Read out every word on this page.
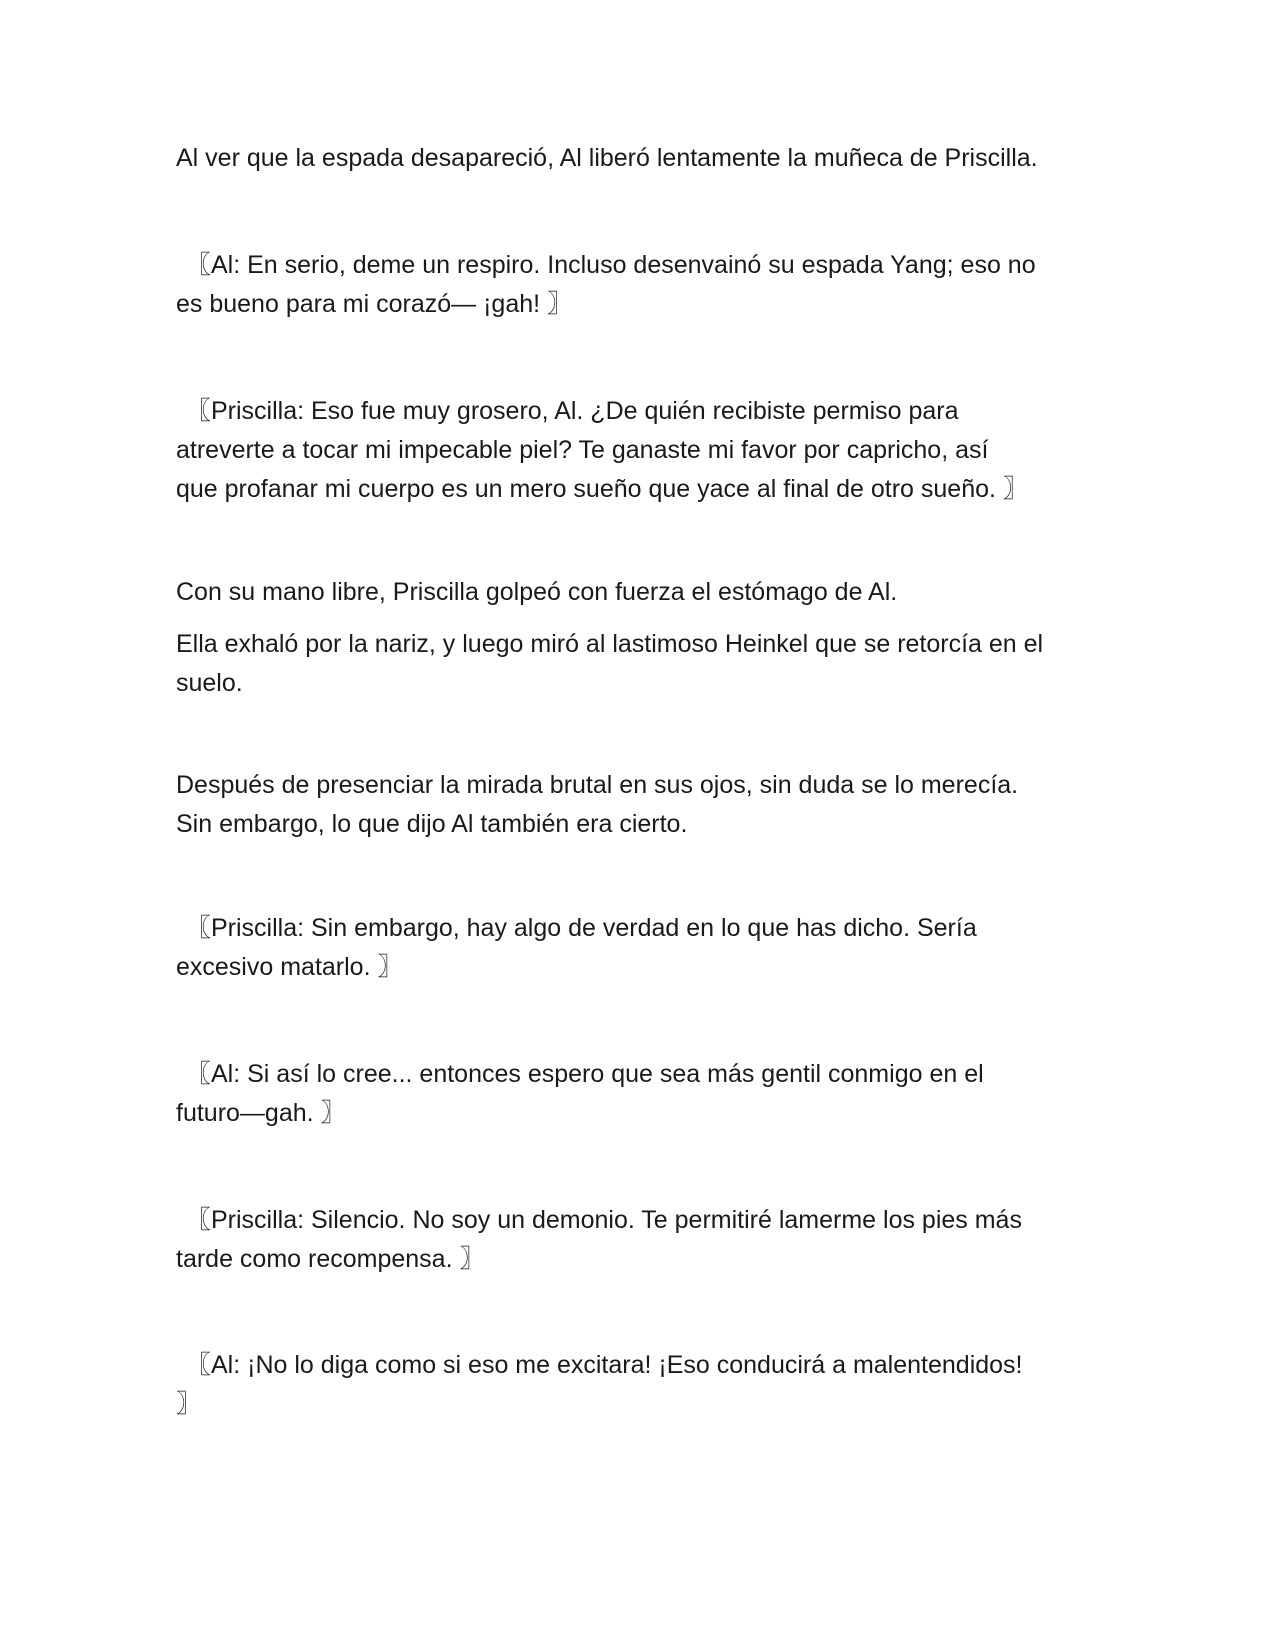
Al ver que la espada desapareció, Al liberó lentamente la muñeca de Priscilla.

〖Al: En serio, deme un respiro. Incluso desenvainó su espada Yang; eso no
es bueno para mi corazó— ¡gah! 〗

〖Priscilla: Eso fue muy grosero, Al. ¿De quién recibiste permiso para
atreverte a tocar mi impecable piel? Te ganaste mi favor por capricho, así
que profanar mi cuerpo es un mero sueño que yace al final de otro sueño. 〗

Con su mano libre, Priscilla golpeó con fuerza el estómago de Al.

Ella exhaló por la nariz, y luego miró al lastimoso Heinkel que se retorcía en el
suelo.

Después de presenciar la mirada brutal en sus ojos, sin duda se lo merecía.
Sin embargo, lo que dijo Al también era cierto.

〖Priscilla: Sin embargo, hay algo de verdad en lo que has dicho. Sería
excesivo matarlo. 〗

〖Al: Si así lo cree... entonces espero que sea más gentil conmigo en el
futuro—gah. 〗

〖Priscilla: Silencio. No soy un demonio. Te permitiré lamerme los pies más
tarde como recompensa. 〗

〖Al: ¡No lo diga como si eso me excitara! ¡Eso conducirá a malentendidos!
〗
